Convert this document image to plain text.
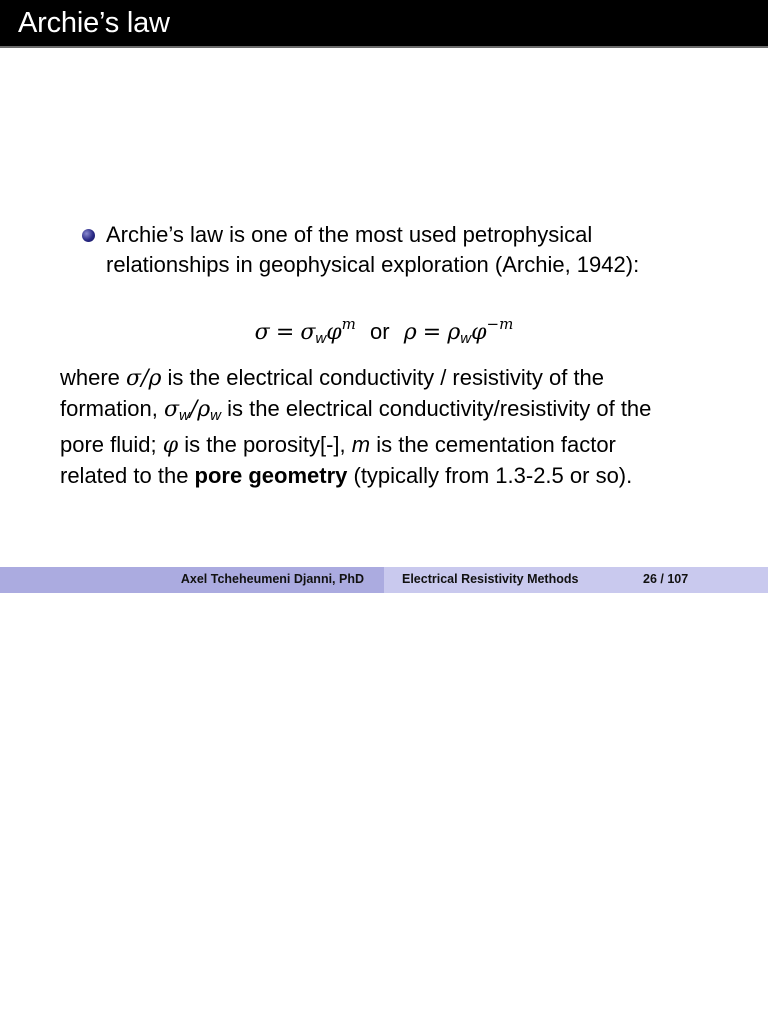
Archie’s law
Archie’s law is one of the most used petrophysical
relationships in geophysical exploration (Archie, 1942):
$\sigma = \sigma_w\varphi^m$ or $\rho = \rho_w\varphi^{-m}$
where σ/ρ is the electrical conductivity / resistivity of the
formation, $\sigma_w/\rho_w$ is the electrical conductivity/resistivity of the
pore fluid; φ is the porosity[-], m is the cementation factor
related to the pore geometry (typically from 1.3-2.5 or so).
Axel Tcheheumeni Djanni, PhD	Electrical Resistivity Methods	26 / 107
